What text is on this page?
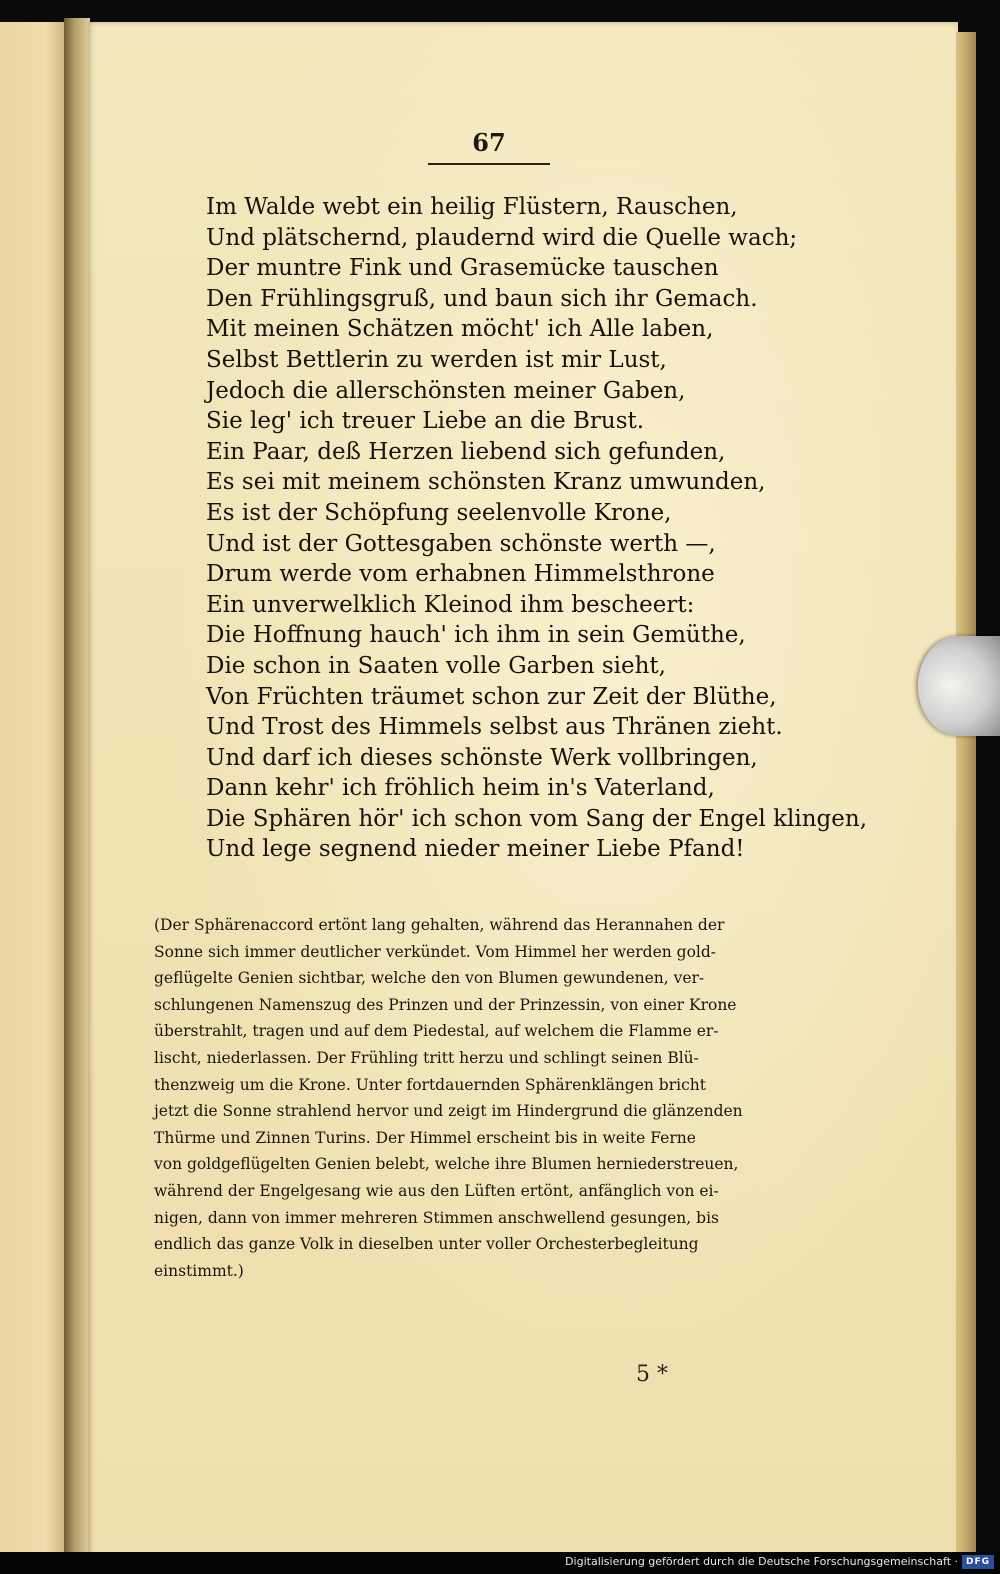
67
Im Walde webt ein heilig Flüstern, Rauschen,
Und plätschernd, plaudernd wird die Quelle wach;
Der muntre Fink und Grasemücke tauschen
Den Frühlingsgruß, und baun sich ihr Gemach.
Mit meinen Schätzen möcht' ich Alle laben,
Selbst Bettlerin zu werden ist mir Lust,
Jedoch die allerschönsten meiner Gaben,
Sie leg' ich treuer Liebe an die Brust.
Ein Paar, deß Herzen liebend sich gefunden,
Es sei mit meinem schönsten Kranz umwunden,
Es ist der Schöpfung seelenvolle Krone,
Und ist der Gottesgaben schönste werth —,
Drum werde vom erhabnen Himmelsthrone
Ein unverwelklich Kleinod ihm bescheert:
Die Hoffnung hauch' ich ihm in sein Gemüthe,
Die schon in Saaten volle Garben sieht,
Von Früchten träumet schon zur Zeit der Blüthe,
Und Trost des Himmels selbst aus Thränen zieht.
Und darf ich dieses schönste Werk vollbringen,
Dann kehr' ich fröhlich heim in's Vaterland,
Die Sphären hör' ich schon vom Sang der Engel klingen,
Und lege segnend nieder meiner Liebe Pfand!
(Der Sphärenaccord ertönt lang gehalten, während das Herannahen der
Sonne sich immer deutlicher verkündet. Vom Himmel her werden gold-
geflügelte Genien sichtbar, welche den von Blumen gewundenen, ver-
schlungenen Namenszug des Prinzen und der Prinzessin, von einer Krone
überstrahlt, tragen und auf dem Piedestal, auf welchem die Flamme er-
lischt, niederlassen. Der Frühling tritt herzu und schlingt seinen Blü-
thenzweig um die Krone. Unter fortdauernden Sphärenklängen bricht
jetzt die Sonne strahlend hervor und zeigt im Hindergrund die glänzenden
Thürme und Zinnen Turins. Der Himmel erscheint bis in weite Ferne
von goldgeflügelten Genien belebt, welche ihre Blumen herniederstreuen,
während der Engelgesang wie aus den Lüften ertönt, anfänglich von ei-
nigen, dann von immer mehreren Stimmen anschwellend gesungen, bis
endlich das ganze Volk in dieselben unter voller Orchesterbegleitung
einstimmt.)
5 *
Digitalisierung gefördert durch die Deutsche Forschungsgemeinschaft · DFG
